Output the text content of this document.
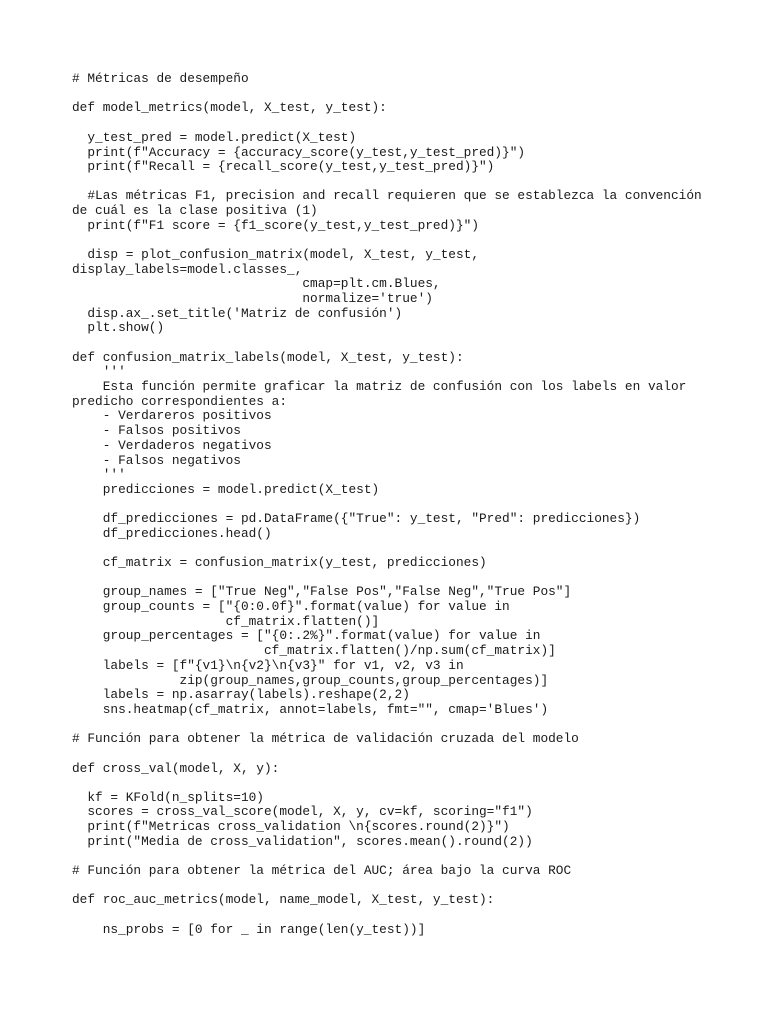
# Métricas de desempeño
def model_metrics(model, X_test, y_test):
y_test_pred = model.predict(X_test)
print(f"Accuracy = {accuracy_score(y_test,y_test_pred)}")
print(f"Recall = {recall_score(y_test,y_test_pred)}")
#Las métricas F1, precision and recall requieren que se establezca la convención
de cuál es la clase positiva (1)
print(f"F1 score = {f1_score(y_test,y_test_pred)}")
disp = plot_confusion_matrix(model, X_test, y_test,
display_labels=model.classes_,
cmap=plt.cm.Blues,
normalize='true')
disp.ax_.set_title('Matriz de confusión')
plt.show()
def confusion_matrix_labels(model, X_test, y_test):
'''
Esta función permite graficar la matriz de confusión con los labels en valor
predicho correspondientes a:
- Verdareros positivos
- Falsos positivos
- Verdaderos negativos
- Falsos negativos
'''
predicciones = model.predict(X_test)
df_predicciones = pd.DataFrame({"True": y_test, "Pred": predicciones})
df_predicciones.head()
cf_matrix = confusion_matrix(y_test, predicciones)
group_names = ["True Neg","False Pos","False Neg","True Pos"]
group_counts = ["{0:0.0f}".format(value) for value in
cf_matrix.flatten()]
group_percentages = ["{0:.2%}".format(value) for value in
cf_matrix.flatten()/np.sum(cf_matrix)]
labels = [f"{v1}\n{v2}\n{v3}" for v1, v2, v3 in
zip(group_names,group_counts,group_percentages)]
labels = np.asarray(labels).reshape(2,2)
sns.heatmap(cf_matrix, annot=labels, fmt="", cmap='Blues')
# Función para obtener la métrica de validación cruzada del modelo
def cross_val(model, X, y):
kf = KFold(n_splits=10)
scores = cross_val_score(model, X, y, cv=kf, scoring="f1")
print(f"Metricas cross_validation \n{scores.round(2)}")
print("Media de cross_validation", scores.mean().round(2))
# Función para obtener la métrica del AUC; área bajo la curva ROC
def roc_auc_metrics(model, name_model, X_test, y_test):
ns_probs = [0 for _ in range(len(y_test))]
